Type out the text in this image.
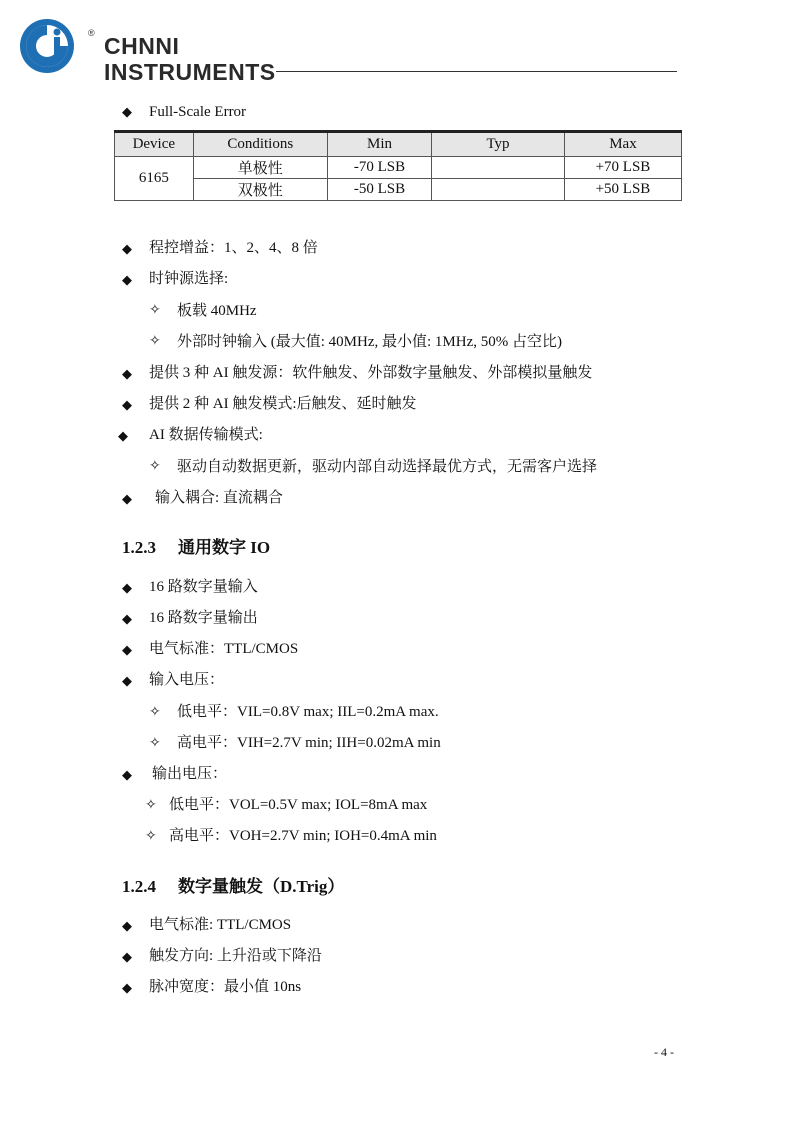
® CHNNI
INSTRUMENTS
◆ Full-Scale Error
Device	Conditions	Min	Typ	Max
6165	单极性	-70 LSB		+70 LSB
	双极性	-50 LSB		+50 LSB
◆ 程控增益：1、2、4、8 倍
◆ 时钟源选择:
✧ 板载 40MHz
✧ 外部时钟输入 (最大值: 40MHz, 最小值: 1MHz, 50% 占空比)
◆ 提供 3 种 AI 触发源：软件触发、外部数字量触发、外部模拟量触发
◆ 提供 2 种 AI 触发模式:后触发、延时触发
◆ AI 数据传输模式:
✧ 驱动自动数据更新，驱动内部自动选择最优方式，无需客户选择
◆ 输入耦合: 直流耦合
1.2.3 通用数字 IO
◆ 16 路数字量输入
◆ 16 路数字量输出
◆ 电气标准：TTL/CMOS
◆ 输入电压：
✧ 低电平：VIL=0.8V max; IIL=0.2mA max.
✧ 高电平：VIH=2.7V min; IIH=0.02mA min
◆ 输出电压：
✧ 低电平：VOL=0.5V max; IOL=8mA max
✧ 高电平：VOH=2.7V min; IOH=0.4mA min
1.2.4 数字量触发（D.Trig）
◆ 电气标准: TTL/CMOS
◆ 触发方向: 上升沿或下降沿
◆ 脉冲宽度：最小值 10ns
- 4 -
